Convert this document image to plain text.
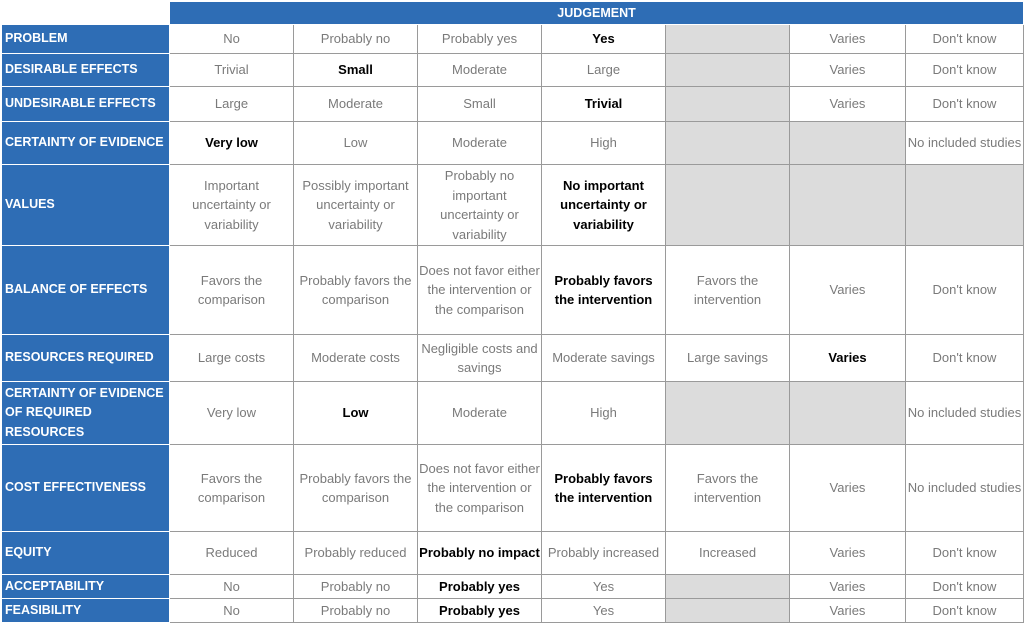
	JUDGEMENT						
PROBLEM	No	Probably no	Probably yes	Yes		Varies	Don't know
DESIRABLE EFFECTS	Trivial	Small	Moderate	Large		Varies	Don't know
UNDESIRABLE EFFECTS	Large	Moderate	Small	Trivial		Varies	Don't know
CERTAINTY OF EVIDENCE	Very low	Low	Moderate	High			No included studies
VALUES	Important uncertainty or variability	Possibly important uncertainty or variability	Probably no important uncertainty or variability	No important uncertainty or variability			
BALANCE OF EFFECTS	Favors the comparison	Probably favors the comparison	Does not favor either the intervention or the comparison	Probably favors the intervention	Favors the intervention	Varies	Don't know
RESOURCES REQUIRED	Large costs	Moderate costs	Negligible costs and savings	Moderate savings	Large savings	Varies	Don't know
CERTAINTY OF EVIDENCE OF REQUIRED RESOURCES	Very low	Low	Moderate	High			No included studies
COST EFFECTIVENESS	Favors the comparison	Probably favors the comparison	Does not favor either the intervention or the comparison	Probably favors the intervention	Favors the intervention	Varies	No included studies
EQUITY	Reduced	Probably reduced	Probably no impact	Probably increased	Increased	Varies	Don't know
ACCEPTABILITY	No	Probably no	Probably yes	Yes		Varies	Don't know
FEASIBILITY	No	Probably no	Probably yes	Yes		Varies	Don't know
